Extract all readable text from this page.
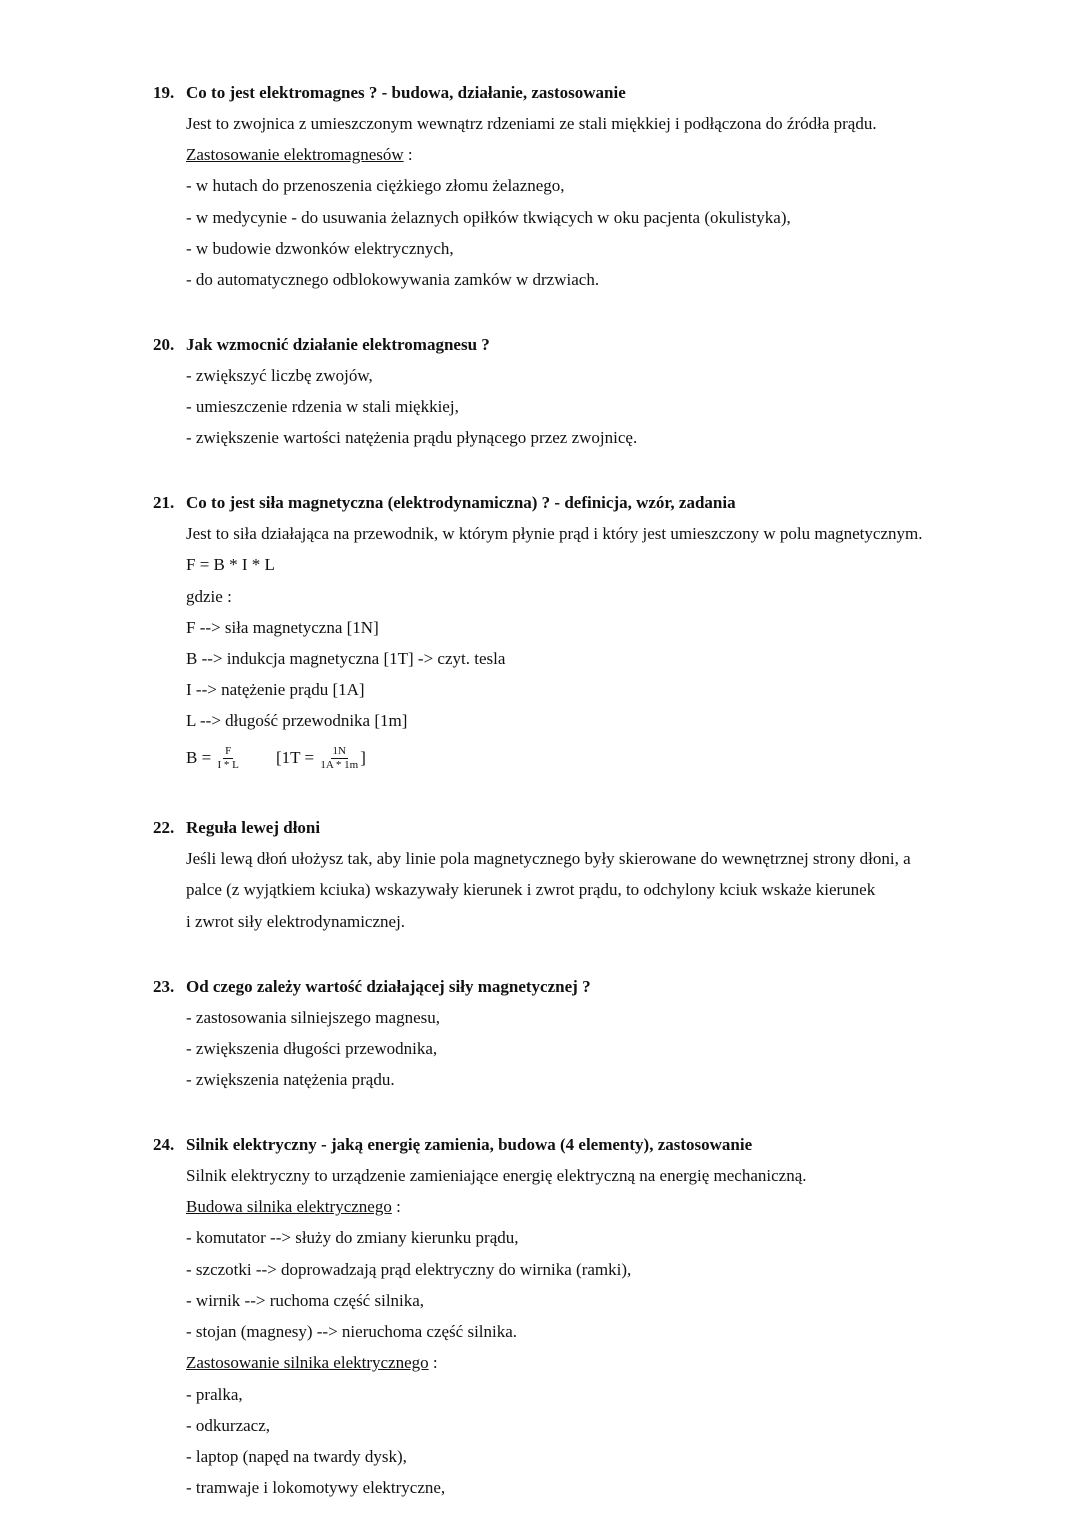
19. Co to jest elektromagnes ? - budowa, działanie, zastosowanie
Jest to zwojnica z umieszczonym wewnątrz rdzeniami ze stali miękkiej i podłączona do źródła prądu.
Zastosowanie elektromagnesów :
- w hutach do przenoszenia ciężkiego złomu żelaznego,
- w medycynie - do usuwania żelaznych opiłków tkwiących w oku pacjenta (okulistyka),
- w budowie dzwonków elektrycznych,
- do automatycznego odblokowywania zamków w drzwiach.
20. Jak wzmocnić działanie elektromagnesu ?
- zwiększyć liczbę zwojów,
- umieszczenie rdzenia w stali miękkiej,
- zwiększenie wartości natężenia prądu płynącego przez zwojnicę.
21. Co to jest siła magnetyczna (elektrodynamiczna) ? - definicja, wzór, zadania
Jest to siła działająca na przewodnik, w którym płynie prąd i który jest umieszczony w polu magnetycznym.
F = B * I * L
gdzie :
F --> siła magnetyczna [1N]
B --> indukcja magnetyczna [1T] -> czyt. tesla
I --> natężenie prądu [1A]
L --> długość przewodnika [1m]
B =
$\frac{F}{I * L} [1T$ =
$\frac{1N}{1A * 1m}$ ]
22. Reguła lewej dłoni
Jeśli lewą dłoń ułożysz tak, aby linie pola magnetycznego były skierowane do wewnętrznej strony dłoni, a
palce (z wyjątkiem kciuka) wskazywały kierunek i zwrot prądu, to odchylony kciuk wskaże kierunek
i zwrot siły elektrodynamicznej.
23. Od czego zależy wartość działającej siły magnetycznej ?
- zastosowania silniejszego magnesu,
- zwiększenia długości przewodnika,
- zwiększenia natężenia prądu.
24. Silnik elektryczny - jaką energię zamienia, budowa (4 elementy), zastosowanie
Silnik elektryczny to urządzenie zamieniające energię elektryczną na energię mechaniczną.
Budowa silnika elektrycznego :
- komutator --> służy do zmiany kierunku prądu,
- szczotki --> doprowadzają prąd elektryczny do wirnika (ramki),
- wirnik --> ruchoma część silnika,
- stojan (magnesy) --> nieruchoma część silnika.
Zastosowanie silnika elektrycznego :
- pralka,
- odkurzacz,
- laptop (napęd na twardy dysk),
- tramwaje i lokomotywy elektryczne,
